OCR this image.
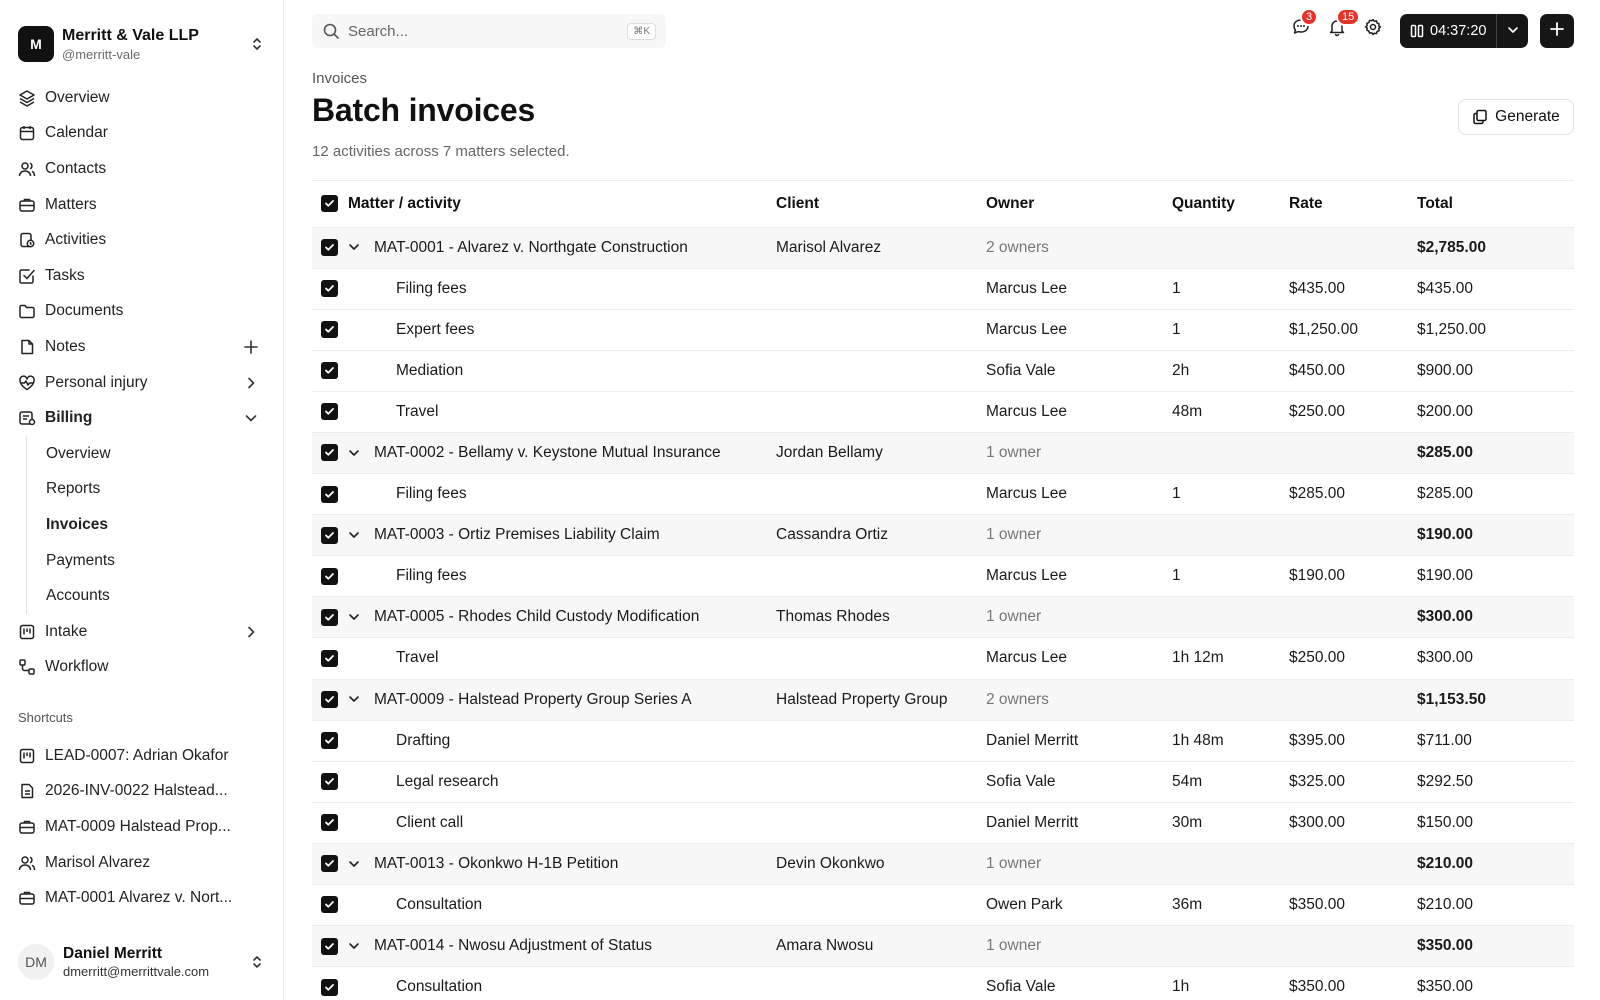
M
Merritt & Vale LLP
@merritt-vale
Overview
Calendar
Contacts
Matters
Activities
Tasks
Documents
Notes
Personal injury
Billing
Overview
Reports
Invoices
Payments
Accounts
Intake
Workflow
Shortcuts
LEAD-0007: Adrian Okafor
2026-INV-0022 Halstead...
MAT-0009 Halstead Prop...
Marisol Alvarez
MAT-0001 Alvarez v. Nort...
DM	Daniel Merritt
dmerritt@merrittvale.com
Search...	⌘K
3	15
04:37:20
Invoices
Batch invoices
12 activities across 7 matters selected.
Generate
	Matter / activity	Client	Owner	Quantity	Rate	Total

MAT-0001 - Alvarez v. Northgate Construction	Marisol Alvarez	2 owners			$2,785.00

	Filing fees		Marcus Lee	1	$435.00	$435.00

	Expert fees		Marcus Lee	1	$1,250.00	$1,250.00

	Mediation		Sofia Vale	2h	$450.00	$900.00

	Travel		Marcus Lee	48m	$250.00	$200.00

MAT-0002 - Bellamy v. Keystone Mutual Insurance	Jordan Bellamy	1 owner			$285.00

	Filing fees		Marcus Lee	1	$285.00	$285.00

MAT-0003 - Ortiz Premises Liability Claim	Cassandra Ortiz	1 owner			$190.00

	Filing fees		Marcus Lee	1	$190.00	$190.00

MAT-0005 - Rhodes Child Custody Modification	Thomas Rhodes	1 owner			$300.00

	Travel		Marcus Lee	1h 12m	$250.00	$300.00

MAT-0009 - Halstead Property Group Series A	Halstead Property Group	2 owners			$1,153.50

	Drafting		Daniel Merritt	1h 48m	$395.00	$711.00

	Legal research		Sofia Vale	54m	$325.00	$292.50

	Client call		Daniel Merritt	30m	$300.00	$150.00

MAT-0013 - Okonkwo H-1B Petition	Devin Okonkwo	1 owner			$210.00

	Consultation		Owen Park	36m	$350.00	$210.00

MAT-0014 - Nwosu Adjustment of Status	Amara Nwosu	1 owner			$350.00

	Consultation		Sofia Vale	1h	$350.00	$350.00
